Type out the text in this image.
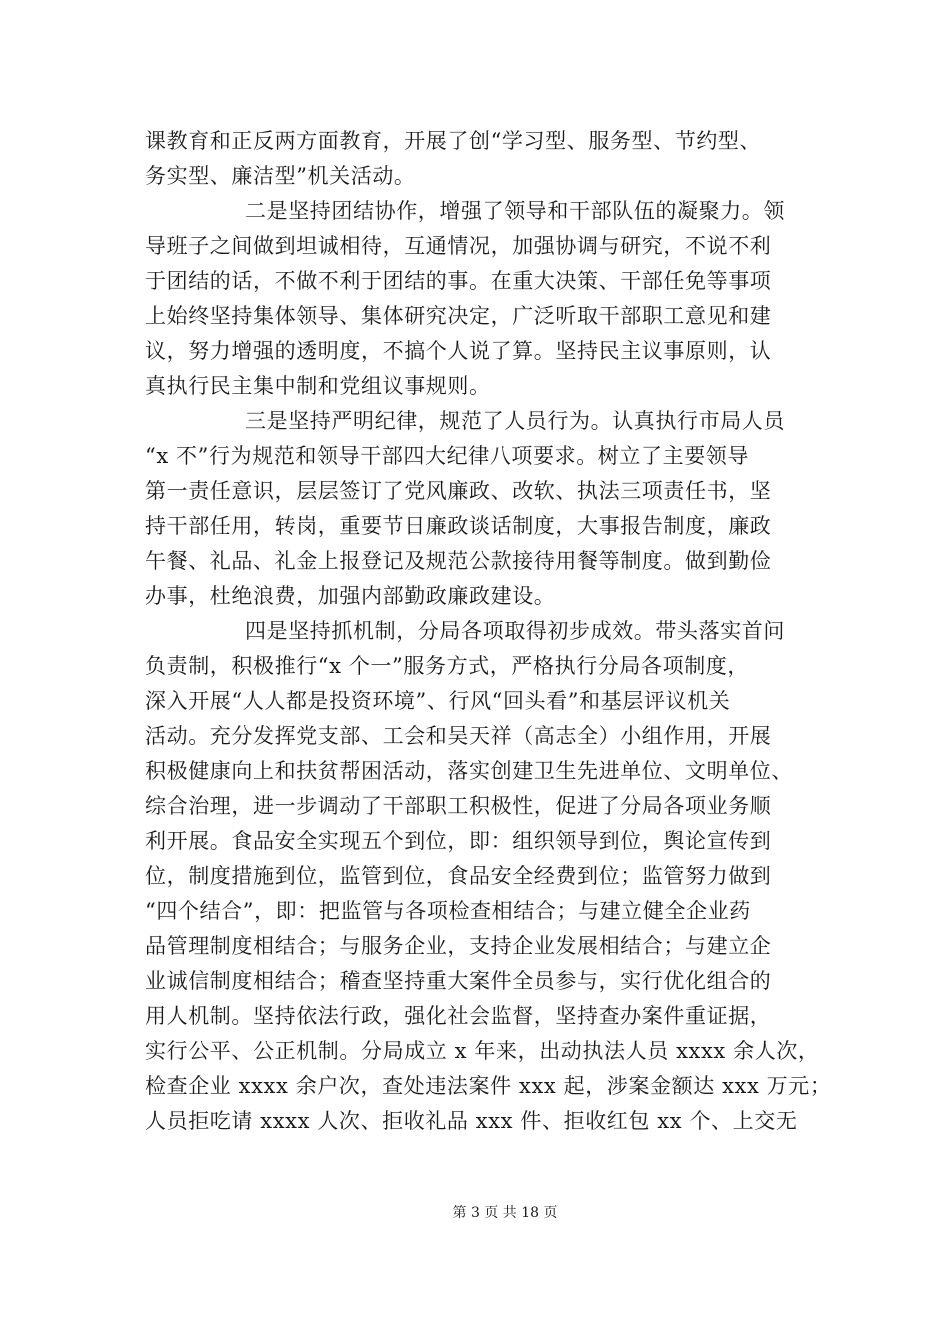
课教育和正反两方面教育，开展了创“学习型、服务型、节约型、
务实型、廉洁型”机关活动。
二是坚持团结协作，增强了领导和干部队伍的凝聚力。领
导班子之间做到坦诚相待，互通情况，加强协调与研究，不说不利
于团结的话，不做不利于团结的事。在重大决策、干部任免等事项
上始终坚持集体领导、集体研究决定，广泛听取干部职工意见和建
议，努力增强的透明度，不搞个人说了算。坚持民主议事原则，认
真执行民主集中制和党组议事规则。
三是坚持严明纪律，规范了人员行为。认真执行市局人员
“x 不”行为规范和领导干部四大纪律八项要求。树立了主要领导
第一责任意识，层层签订了党风廉政、改软、执法三项责任书，坚
持干部任用，转岗，重要节日廉政谈话制度，大事报告制度，廉政
午餐、礼品、礼金上报登记及规范公款接待用餐等制度。做到勤俭
办事，杜绝浪费，加强内部勤政廉政建设。
四是坚持抓机制，分局各项取得初步成效。带头落实首问
负责制，积极推行“x 个一”服务方式，严格执行分局各项制度，
深入开展“人人都是投资环境”、行风“回头看”和基层评议机关
活动。充分发挥党支部、工会和吴天祥（高志全）小组作用，开展
积极健康向上和扶贫帮困活动，落实创建卫生先进单位、文明单位、
综合治理，进一步调动了干部职工积极性，促进了分局各项业务顺
利开展。食品安全实现五个到位，即：组织领导到位，舆论宣传到
位，制度措施到位，监管到位，食品安全经费到位；监管努力做到
“四个结合”，即：把监管与各项检查相结合；与建立健全企业药
品管理制度相结合；与服务企业，支持企业发展相结合；与建立企
业诚信制度相结合；稽查坚持重大案件全员参与，实行优化组合的
用人机制。坚持依法行政，强化社会监督，坚持查办案件重证据，
实行公平、公正机制。分局成立 x 年来，出动执法人员 xxxx 余人次，
检查企业 xxxx 余户次，查处违法案件 xxx 起，涉案金额达 xxx 万元；
人员拒吃请 xxxx 人次、拒收礼品 xxx 件、拒收红包 xx 个、上交无
第 3 页 共 18 页
